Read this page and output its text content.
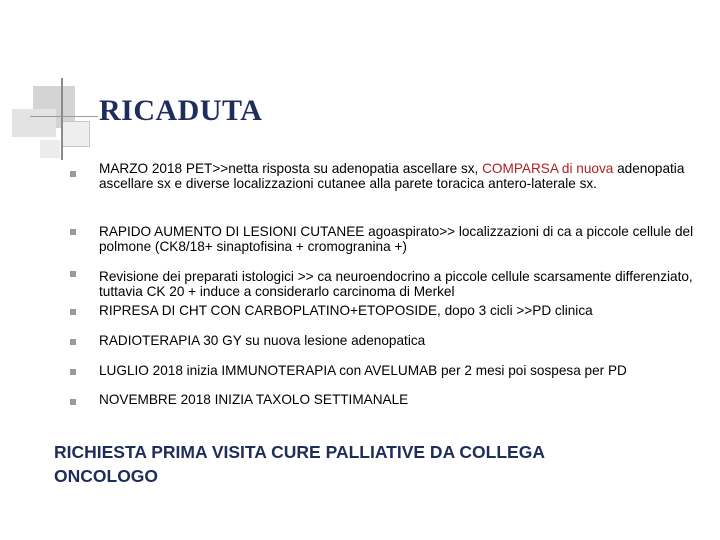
RICADUTA
MARZO 2018 PET>>netta risposta su adenopatia ascellare sx, COMPARSA di nuova adenopatia ascellare sx e diverse localizzazioni cutanee alla parete toracica antero-laterale sx.
RAPIDO AUMENTO DI LESIONI CUTANEE agoaspirato>> localizzazioni di ca a piccole cellule del polmone (CK8/18+ sinaptofisina + cromogranina +)
Revisione dei preparati istologici >> ca neuroendocrino a piccole cellule scarsamente differenziato, tuttavia CK 20 + induce a considerarlo carcinoma di Merkel
RIPRESA DI CHT CON CARBOPLATINO+ETOPOSIDE, dopo 3 cicli >>PD clinica
RADIOTERAPIA 30 GY su nuova lesione adenopatica
LUGLIO 2018 inizia IMMUNOTERAPIA con AVELUMAB per 2 mesi poi sospesa per PD
NOVEMBRE 2018 INIZIA TAXOLO SETTIMANALE
RICHIESTA PRIMA VISITA CURE PALLIATIVE DA COLLEGA
ONCOLOGO
